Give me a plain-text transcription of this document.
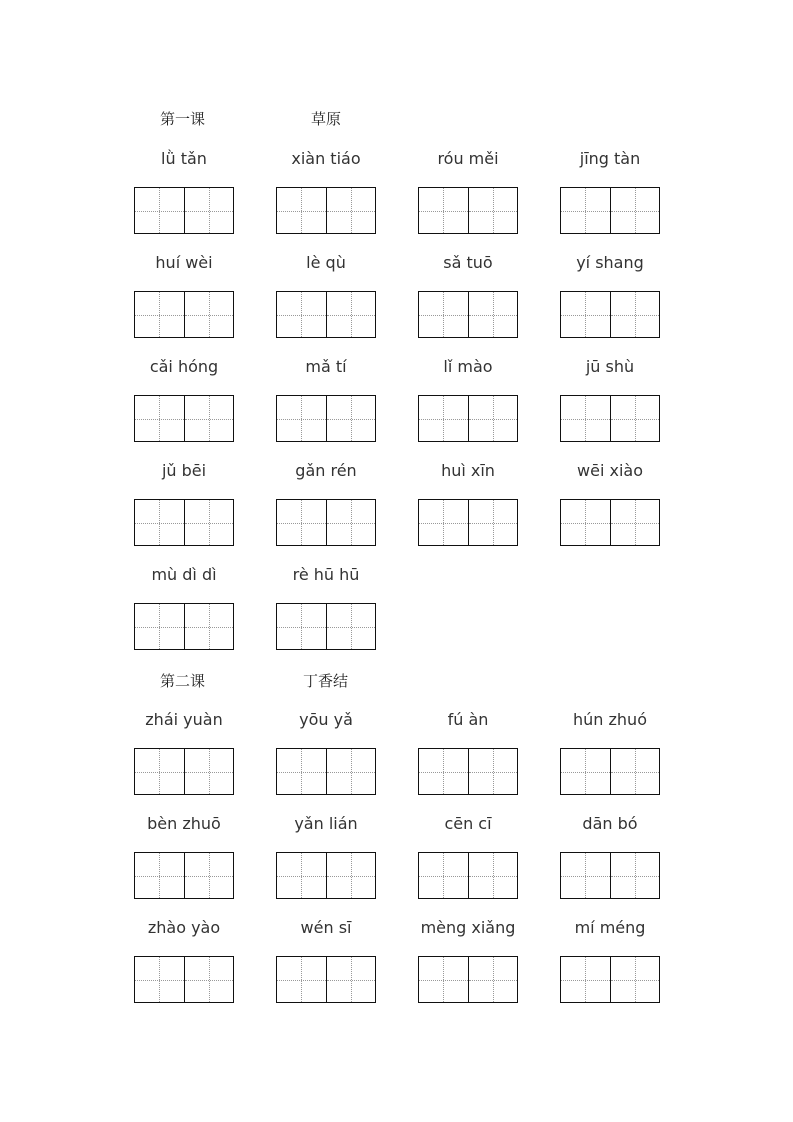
第一课	草原
第二课	丁香结
lǜ tǎn	xiàn tiáo	róu měi	jīng tàn
huí wèi	lè qù	sǎ tuō	yí shang
cǎi hóng	mǎ tí	lǐ mào	jū shù
jǔ bēi	gǎn rén	huì xīn	wēi xiào
mù dì dì	rè hū hū
zhái yuàn	yōu yǎ	fú àn	hún zhuó
bèn zhuō	yǎn lián	cēn cī	dān bó
zhào yào	wén sī	mèng xiǎng	mí méng
